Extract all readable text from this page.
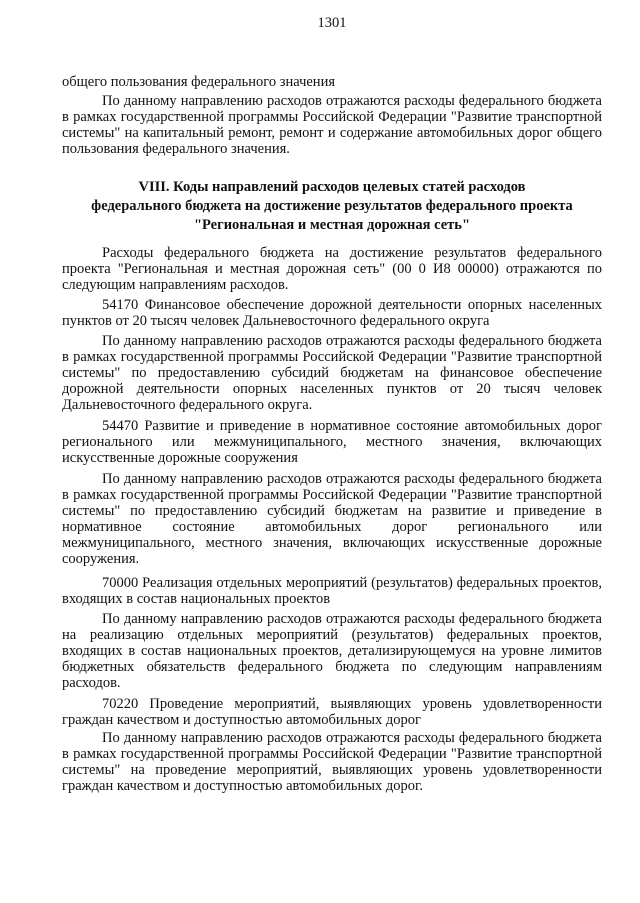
1301

общего пользования федерального значения

По данному направлению расходов отражаются расходы федерального бюджета в рамках государственной программы Российской Федерации "Развитие транспортной системы" на капитальный ремонт, ремонт и содержание автомобильных дорог общего пользования федерального значения.

VIII. Коды направлений расходов целевых статей расходов
федерального бюджета на достижение результатов федерального проекта
"Региональная и местная дорожная сеть"

Расходы федерального бюджета на достижение результатов федерального проекта "Региональная и местная дорожная сеть" (00 0 И8 00000) отражаются по следующим направлениям расходов.

54170 Финансовое обеспечение дорожной деятельности опорных населенных пунктов от 20 тысяч человек Дальневосточного федерального округа

По данному направлению расходов отражаются расходы федерального бюджета в рамках государственной программы Российской Федерации "Развитие транспортной системы" по предоставлению субсидий бюджетам на финансовое обеспечение дорожной деятельности опорных населенных пунктов от 20 тысяч человек Дальневосточного федерального округа.

54470 Развитие и приведение в нормативное состояние автомобильных дорог регионального или межмуниципального, местного значения, включающих искусственные дорожные сооружения

По данному направлению расходов отражаются расходы федерального бюджета в рамках государственной программы Российской Федерации "Развитие транспортной системы" по предоставлению субсидий бюджетам на развитие и приведение в нормативное состояние автомобильных дорог регионального или межмуниципального, местного значения, включающих искусственные дорожные сооружения.

70000 Реализация отдельных мероприятий (результатов) федеральных проектов, входящих в состав национальных проектов

По данному направлению расходов отражаются расходы федерального бюджета на реализацию отдельных мероприятий (результатов) федеральных проектов, входящих в состав национальных проектов, детализирующемуся на уровне лимитов бюджетных обязательств федерального бюджета по следующим направлениям расходов.

70220 Проведение мероприятий, выявляющих уровень удовлетворенности граждан качеством и доступностью автомобильных дорог

По данному направлению расходов отражаются расходы федерального бюджета в рамках государственной программы Российской Федерации "Развитие транспортной системы" на проведение мероприятий, выявляющих уровень удовлетворенности граждан качеством и доступностью автомобильных дорог.
